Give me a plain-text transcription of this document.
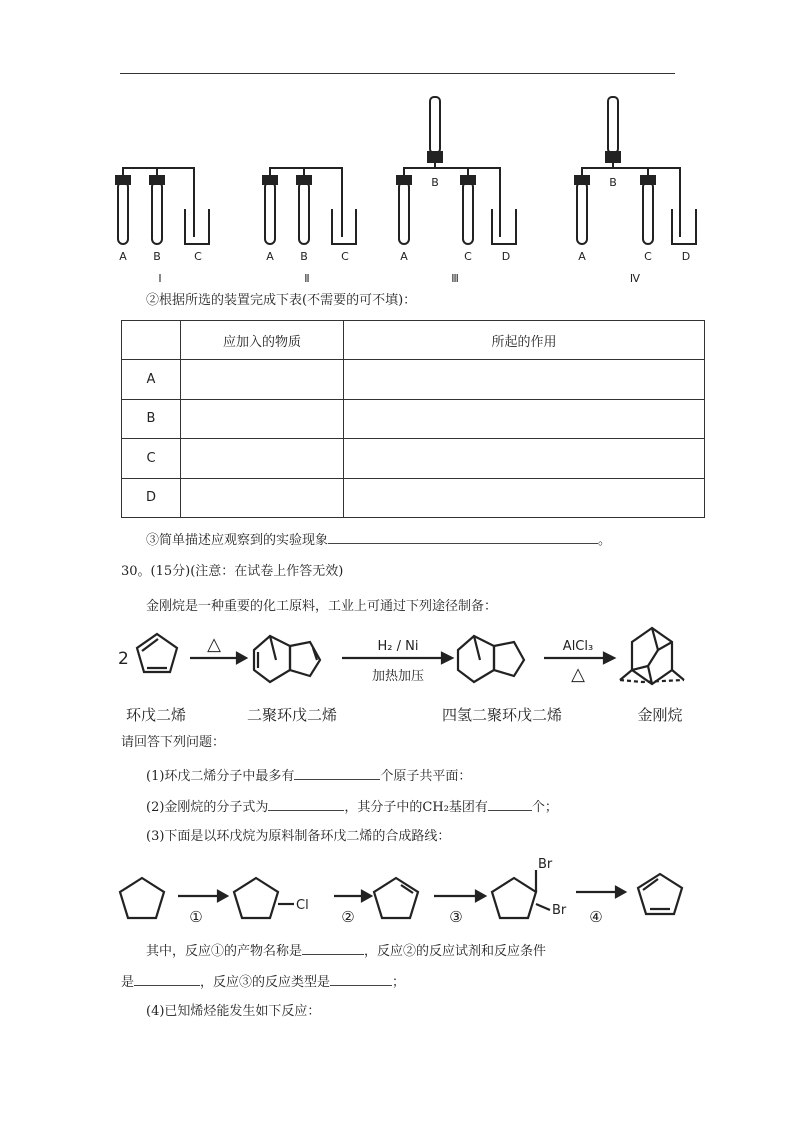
A B	C
Ⅰ
A B	C
Ⅱ
A
B
C	D
Ⅲ
A
B
C	D
Ⅳ
②根据所选的装置完成下表(不需要的可不填)：
	应加入的物质	所起的作用
A		
B		
C		
D		
③简单描述应观察到的实验现象	。
30。(15分)(注意：在试卷上作答无效)
金刚烷是一种重要的化工原料，工业上可通过下列途径制备：
2
△	H₂ / Ni
加热加压
AlCl₃
△
环戊二烯	二聚环戊二烯	四氢二聚环戊二烯	金刚烷
请回答下列问题：
(1)环戊二烯分子中最多有	个原子共平面：
(2)金刚烷的分子式为	，其分子中的CH₂基团有	个；
(3)下面是以环戊烷为原料制备环戊二烯的合成路线：
Cl
Br
Br
①	②	③	④
其中，反应①的产物名称是	，反应②的反应试剂和反应条件
是	，反应③的反应类型是	；
(4)已知烯烃能发生如下反应：
